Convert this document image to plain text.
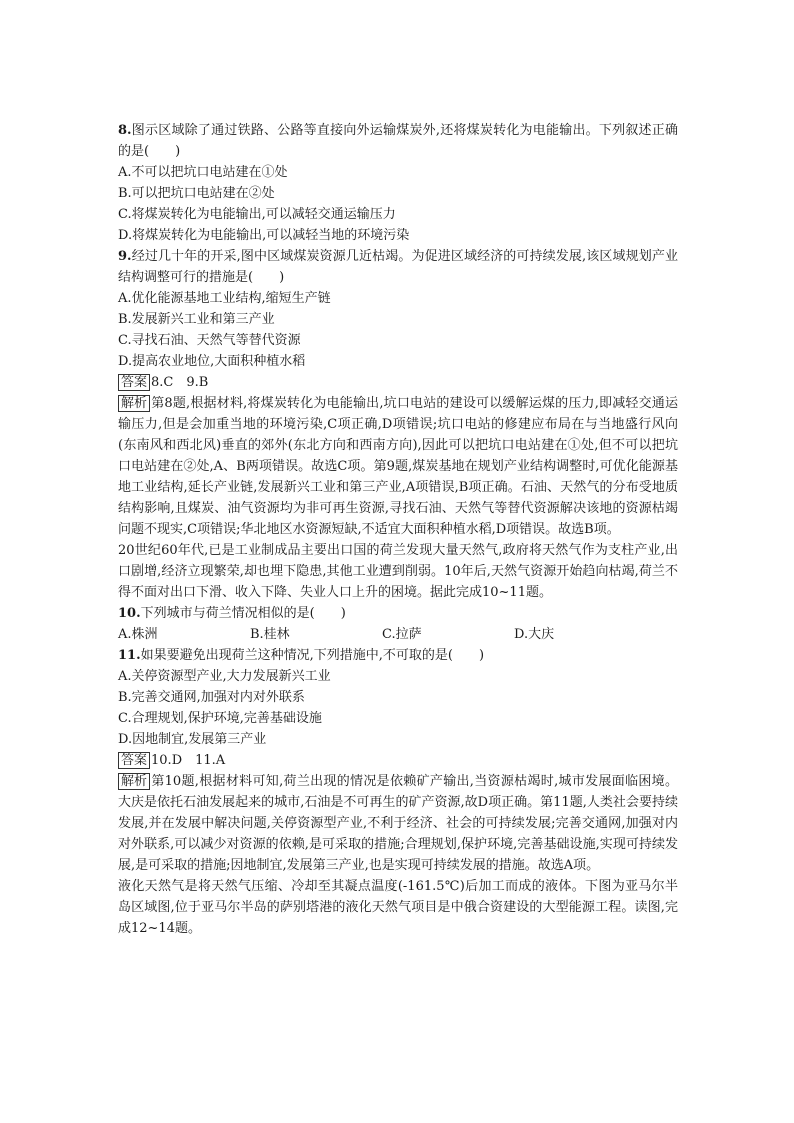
8.图示区域除了通过铁路、公路等直接向外运输煤炭外,还将煤炭转化为电能输出。下列叙述正确的是(　　)
A.不可以把坑口电站建在①处
B.可以把坑口电站建在②处
C.将煤炭转化为电能输出,可以减轻交通运输压力
D.将煤炭转化为电能输出,可以减轻当地的环境污染
9.经过几十年的开采,图中区域煤炭资源几近枯竭。为促进区域经济的可持续发展,该区域规划产业结构调整可行的措施是(　　)
A.优化能源基地工业结构,缩短生产链
B.发展新兴工业和第三产业
C.寻找石油、天然气等替代资源
D.提高农业地位,大面积种植水稻
答案 8.C　9.B
解析 第8题,根据材料,将煤炭转化为电能输出,坑口电站的建设可以缓解运煤的压力,即减轻交通运输压力,但是会加重当地的环境污染,C项正确,D项错误;坑口电站的修建应布局在与当地盛行风向(东南风和西北风)垂直的郊外(东北方向和西南方向),因此可以把坑口电站建在①处,但不可以把坑口电站建在②处,A、B两项错误。故选C项。第9题,煤炭基地在规划产业结构调整时,可优化能源基地工业结构,延长产业链,发展新兴工业和第三产业,A项错误,B项正确。石油、天然气的分布受地质结构影响,且煤炭、油气资源均为非可再生资源,寻找石油、天然气等替代资源解决该地的资源枯竭问题不现实,C项错误;华北地区水资源短缺,不适宜大面积种植水稻,D项错误。故选B项。
20世纪60年代,已是工业制成品主要出口国的荷兰发现大量天然气,政府将天然气作为支柱产业,出口剧增,经济立现繁荣,却也埋下隐患,其他工业遭到削弱。10年后,天然气资源开始趋向枯竭,荷兰不得不面对出口下滑、收入下降、失业人口上升的困境。据此完成10~11题。
10.下列城市与荷兰情况相似的是(　　)
A.株洲	B.桂林	C.拉萨	D.大庆
11.如果要避免出现荷兰这种情况,下列措施中,不可取的是(　　)
A.关停资源型产业,大力发展新兴工业
B.完善交通网,加强对内对外联系
C.合理规划,保护环境,完善基础设施
D.因地制宜,发展第三产业
答案 10.D　11.A
解析 第10题,根据材料可知,荷兰出现的情况是依赖矿产输出,当资源枯竭时,城市发展面临困境。大庆是依托石油发展起来的城市,石油是不可再生的矿产资源,故D项正确。第11题,人类社会要持续发展,并在发展中解决问题,关停资源型产业,不利于经济、社会的可持续发展;完善交通网,加强对内对外联系,可以减少对资源的依赖,是可采取的措施;合理规划,保护环境,完善基础设施,实现可持续发展,是可采取的措施;因地制宜,发展第三产业,也是实现可持续发展的措施。故选A项。
液化天然气是将天然气压缩、冷却至其凝点温度(-161.5℃)后加工而成的液体。下图为亚马尔半岛区域图,位于亚马尔半岛的萨别塔港的液化天然气项目是中俄合资建设的大型能源工程。读图,完成12~14题。
